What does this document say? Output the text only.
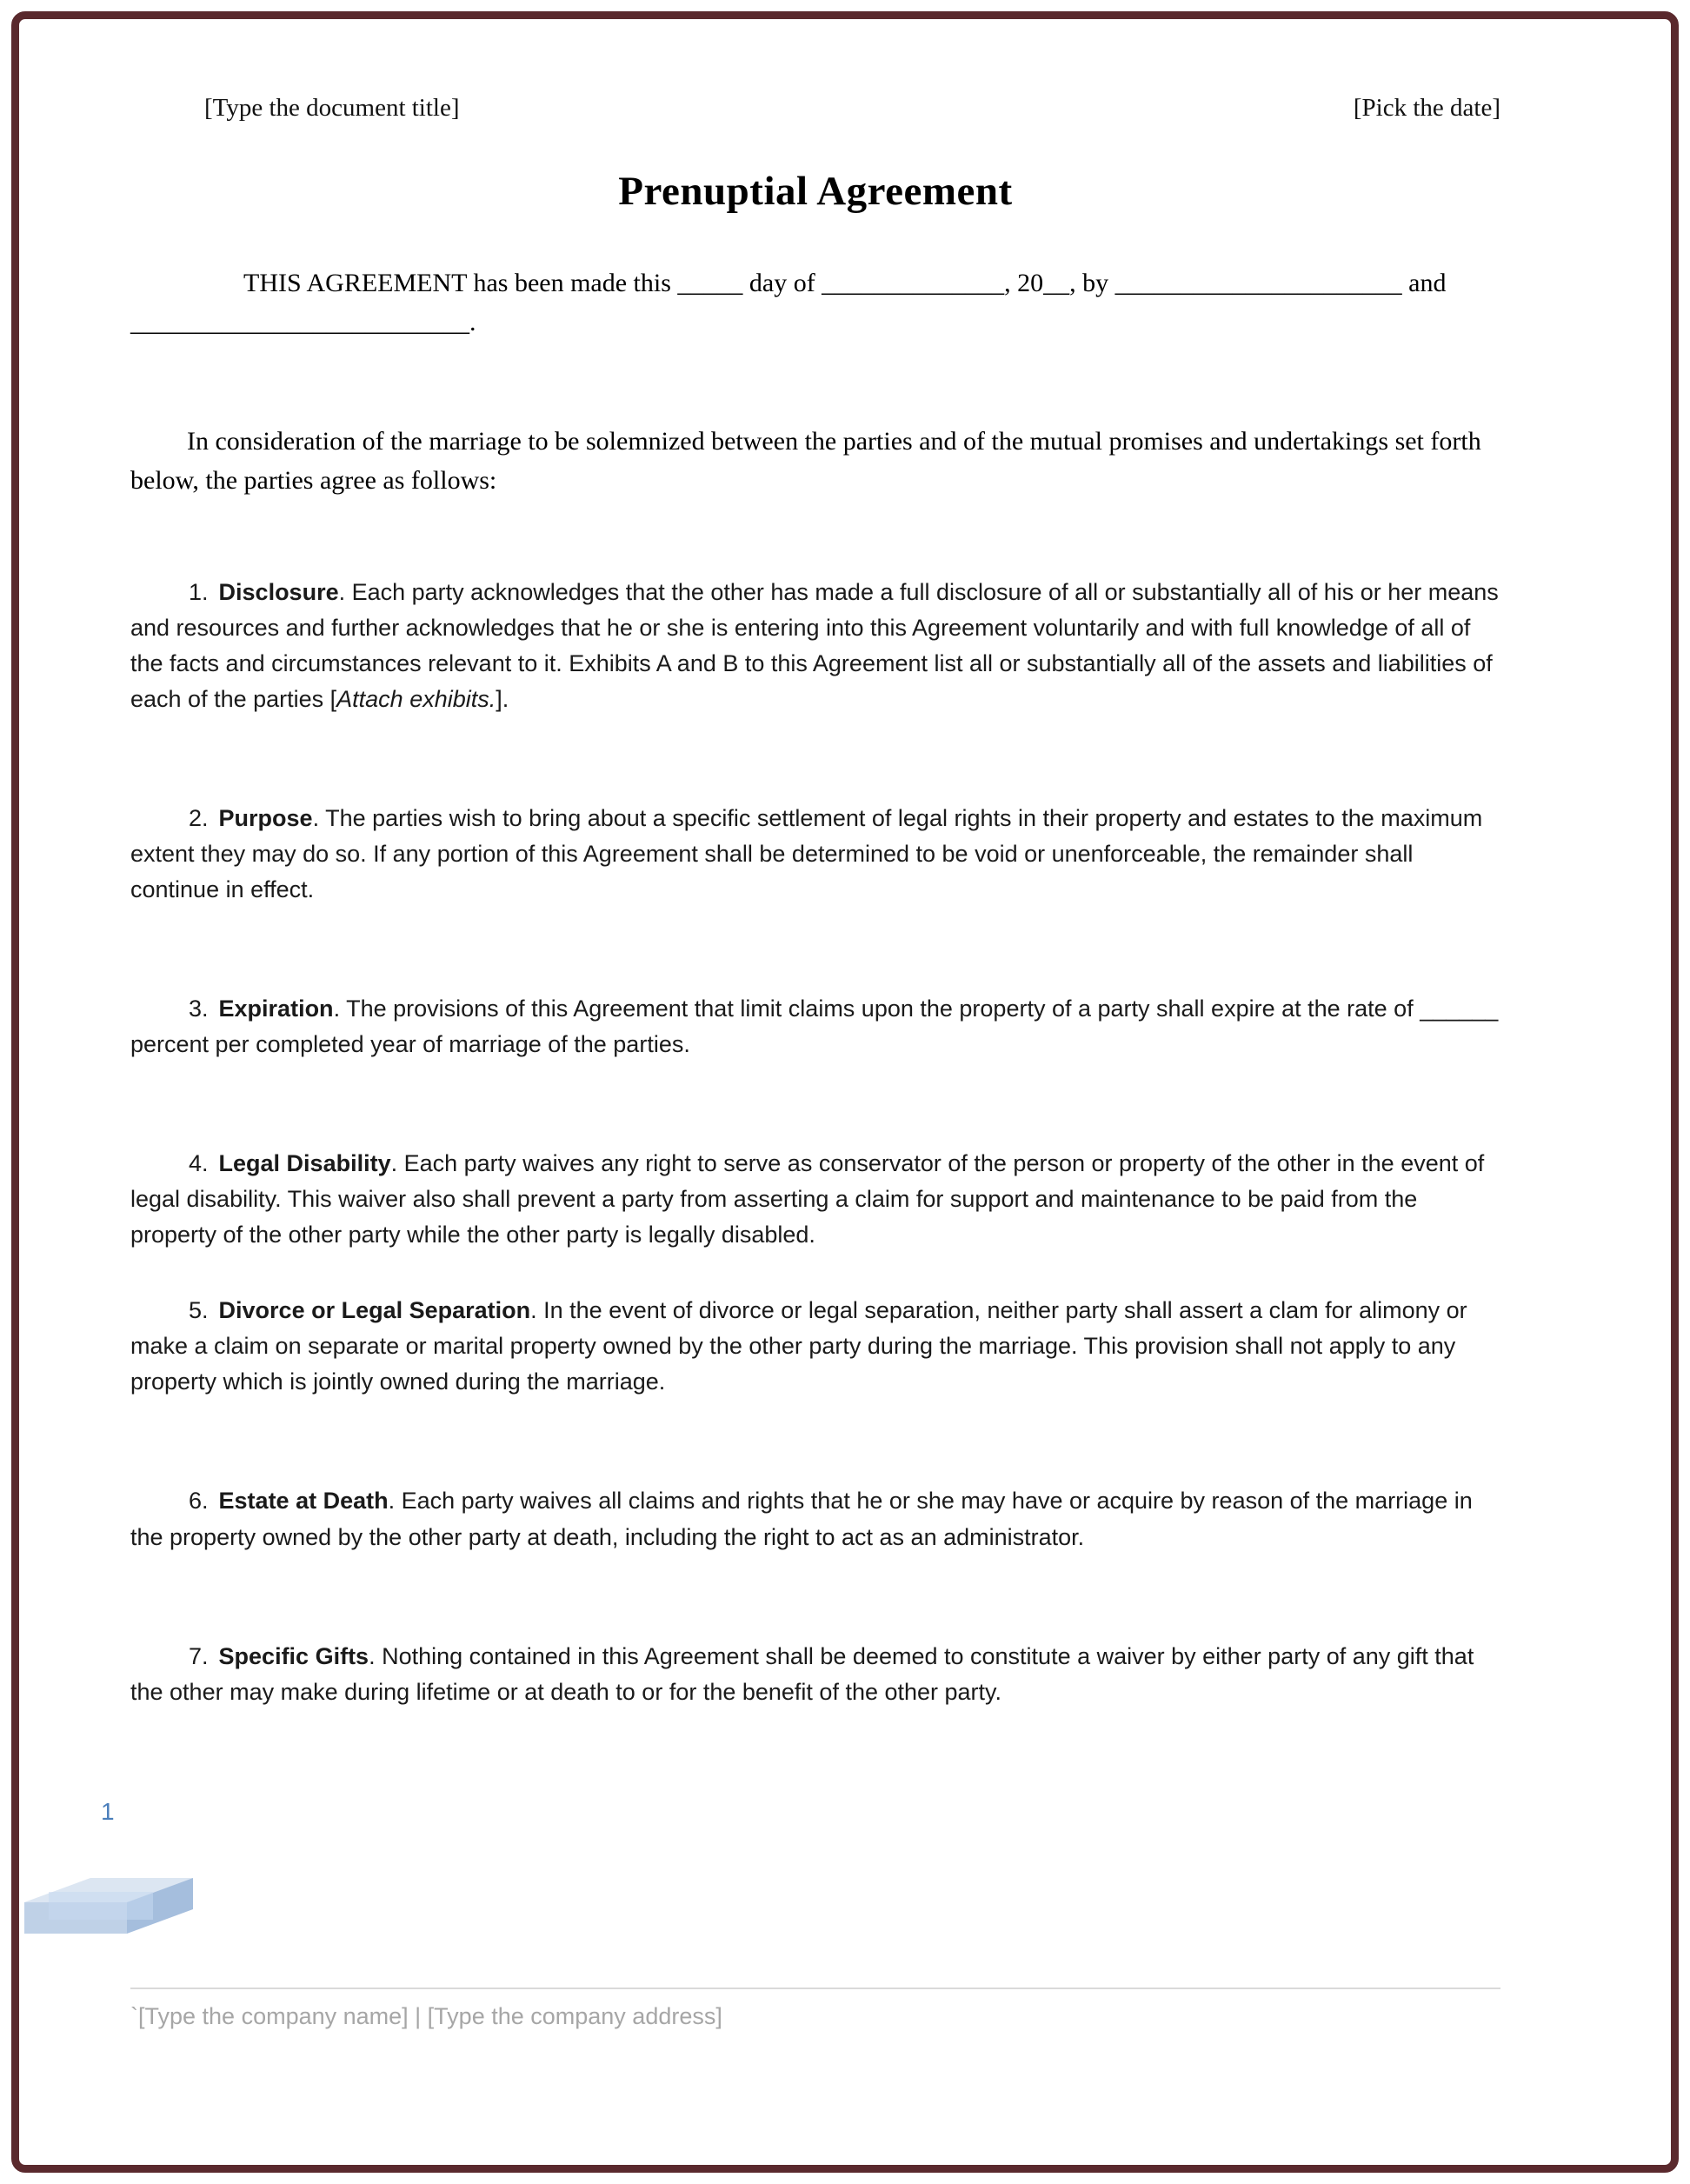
[Type the document title]	[Pick the date]
Prenuptial Agreement

THIS AGREEMENT has been made this _____ day of ______________, 20__, by ______________________ and __________________________.

In consideration of the marriage to be solemnized between the parties and of the mutual promises and undertakings set forth below, the parties agree as follows:

1. Disclosure. Each party acknowledges that the other has made a full disclosure of all or substantially all of his or her means and resources and further acknowledges that he or she is entering into this Agreement voluntarily and with full knowledge of all of the facts and circumstances relevant to it. Exhibits A and B to this Agreement list all or substantially all of the assets and liabilities of each of the parties [Attach exhibits.].

2. Purpose. The parties wish to bring about a specific settlement of legal rights in their property and estates to the maximum extent they may do so. If any portion of this Agreement shall be determined to be void or unenforceable, the remainder shall continue in effect.

3. Expiration. The provisions of this Agreement that limit claims upon the property of a party shall expire at the rate of ______ percent per completed year of marriage of the parties.

4. Legal Disability. Each party waives any right to serve as conservator of the person or property of the other in the event of legal disability. This waiver also shall prevent a party from asserting a claim for support and maintenance to be paid from the property of the other party while the other party is legally disabled.

5. Divorce or Legal Separation. In the event of divorce or legal separation, neither party shall assert a clam for alimony or make a claim on separate or marital property owned by the other party during the marriage. This provision shall not apply to any property which is jointly owned during the marriage.

6. Estate at Death. Each party waives all claims and rights that he or she may have or acquire by reason of the marriage in the property owned by the other party at death, including the right to act as an administrator.

7. Specific Gifts. Nothing contained in this Agreement shall be deemed to constitute a waiver by either party of any gift that the other may make during lifetime or at death to or for the benefit of the other party.

1
`[Type the company name] | [Type the company address]
